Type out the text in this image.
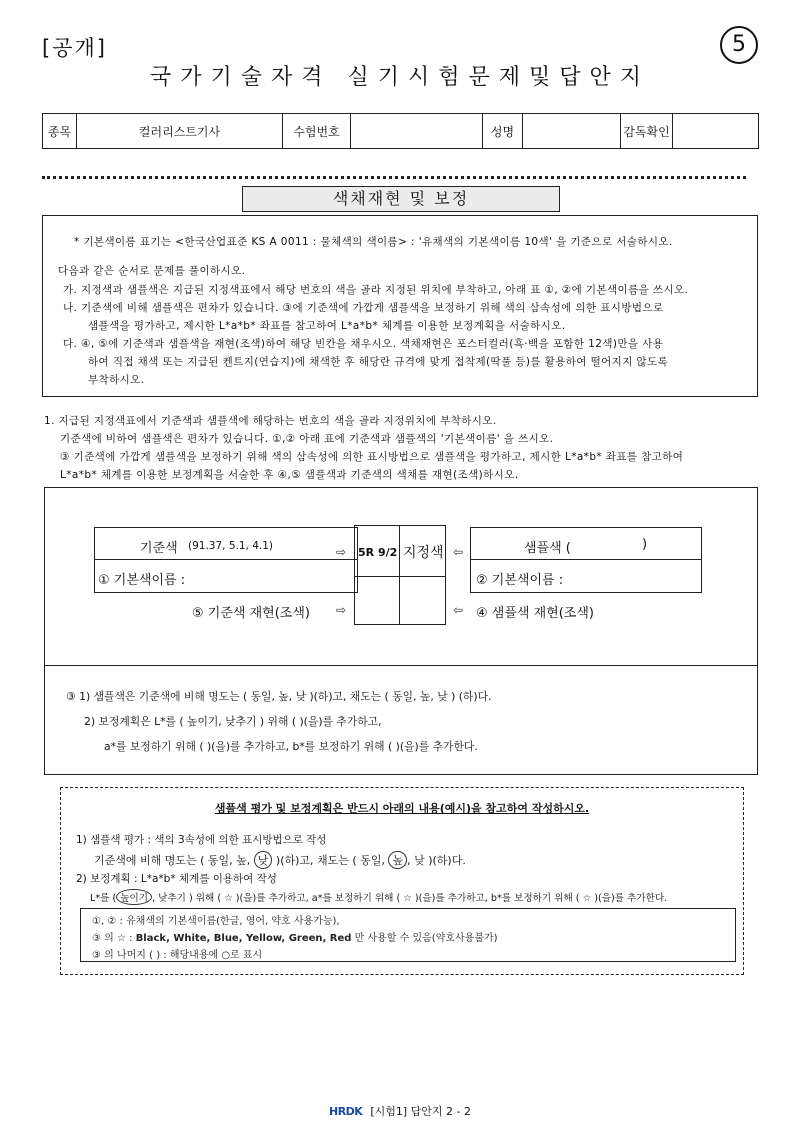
[공개]	5
국가기술자격 실기시험문제및답안지
종목	컬러리스트기사	수험번호		성명		감독확인	
색채재현 및 보정
* 기본색이름 표기는 <한국산업표준 KS A 0011 : 물체색의 색이름> : '유채색의 기본색이름 10색' 을 기준으로 서술하시오.
다음과 같은 순서로 문제를 풀이하시오.
가. 지정색과 샘플색은 지급된 지정색표에서 해당 번호의 색을 골라 지정된 위치에 부착하고, 아래 표 ①, ②에 기본색이름을 쓰시오.
나. 기준색에 비해 샘플색은 편차가 있습니다. ③에 기준색에 가깝게 샘플색을 보정하기 위해 색의 삼속성에 의한 표시방법으로
샘플색을 평가하고, 제시한 L*a*b* 좌표를 참고하여 L*a*b* 체계를 이용한 보정계획을 서술하시오.
다. ④, ⑤에 기준색과 샘플색을 재현(조색)하여 해당 빈칸을 채우시오. 색채재현은 포스터컬러(흑·백을 포함한 12색)만을 사용
하여 직접 채색 또는 지급된 켄트지(연습지)에 채색한 후 해당란 규격에 맞게 접착제(딱풀 등)를 활용하여 떨어지지 않도록
부착하시오.
1. 지급된 지정색표에서 기준색과 샘플색에 해당하는 번호의 색을 골라 지정위치에 부착하시오.
기준색에 비하여 샘플색은 편차가 있습니다. ①,② 아래 표에 기준색과 샘플색의 '기본색이름' 을 쓰시오.
③ 기준색에 가깝게 샘플색을 보정하기 위해 색의 삼속성에 의한 표시방법으로 샘플색을 평가하고, 제시한 L*a*b* 좌표를 참고하여
L*a*b* 체계를 이용한 보정계획을 서술한 후 ④,⑤ 샘플색과 기준색의 색채를 재현(조색)하시오.
기준색 (91.37, 5.1, 4.1)
① 기본색이름 :
⇨ 5R 9/2 지정색 ⇦	샘플색 (	)
② 기본색이름 :
⑤ 기준색 재현(조색) ⇨	⇦ ④ 샘플색 재현(조색)
③ 1) 샘플색은 기준색에 비해 명도는 ( 동일, 높, 낮 )(하)고, 채도는 ( 동일, 높, 낮 ) (하)다.
2) 보정계획은 L*를 ( 높이기, 낮추기 ) 위해 ( )(을)를 추가하고,
a*를 보정하기 위해 ( )(을)를 추가하고, b*를 보정하기 위해 ( )(을)를 추가한다.
샘플색 평가 및 보정계획은 반드시 아래의 내용(예시)을 참고하여 작성하시오.
1) 샘플색 평가 : 색의 3속성에 의한 표시방법으로 작성
기준색에 비해 명도는 ( 동일, 높, 낮 )(하)고, 채도는 ( 동일, 높 , 낮 )(하)다.
2) 보정계획 : L*a*b* 체계를 이용하여 작성
L*를 ( 높이기 , 낮추기 ) 위해 ( ☆ )(을)를 추가하고, a*를 보정하기 위해 ( ☆ )(을)를 추가하고, b*를 보정하기 위해 ( ☆ )(을)를 추가한다.
①, ② : 유채색의 기본색이름(한글, 영어, 약호 사용가능),
③ 의 ☆ : Black, White, Blue, Yellow, Green, Red 만 사용할 수 있음(약호사용불가)
③ 의 나머지 ( ) : 해당내용에 ○로 표시
HRDK [시험1] 답안지 2 - 2
